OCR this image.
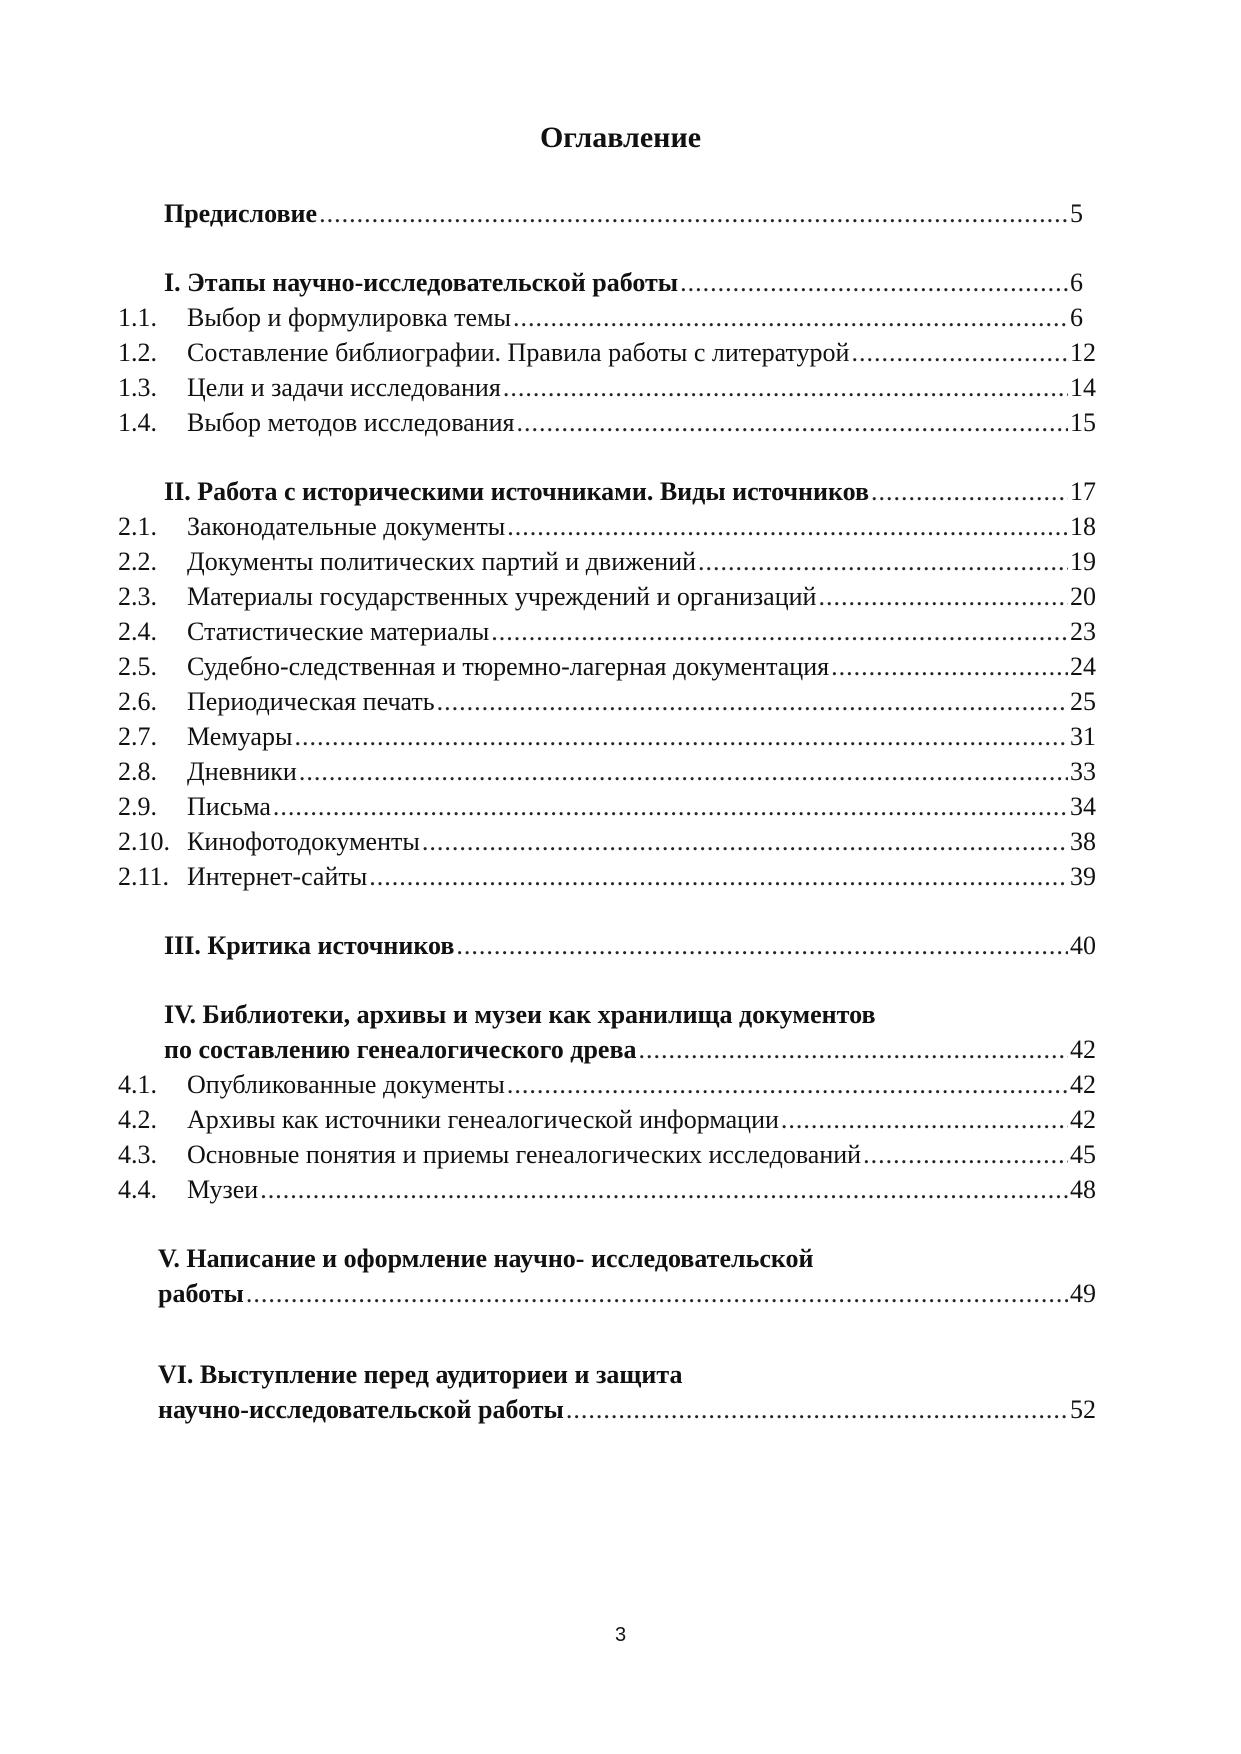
Оглавление
Предисловие .....	5
I. Этапы научно-исследовательской работы .....	6
1.1. Выбор и формулировка темы .....	6
1.2. Составление библиографии. Правила работы с литературой .....	12
1.3. Цели и задачи исследования .....	14
1.4. Выбор методов исследования .....	15
II. Работа с историческими источниками. Виды источников .....	17
2.1. Законодательные документы .....	18
2.2. Документы политических партий и движений .....	19
2.3. Материалы государственных учреждений и организаций .....	20
2.4. Статистические материалы .....	23
2.5. Судебно-следственная и тюремно-лагерная документация .....	24
2.6. Периодическая печать .....	25
2.7. Мемуары .....	31
2.8. Дневники .....	33
2.9. Письма .....	34
2.10. Кинофотодокументы .....	38
2.11. Интернет-сайты .....	39
III. Критика источников .....	40
IV. Библиотеки, архивы и музеи как хранилища документов
по составлению генеалогического древа .....	42
4.1. Опубликованные документы .....	42
4.2. Архивы как источники генеалогической информации .....	42
4.3. Основные понятия и приемы генеалогических исследований .....	45
4.4. Музеи .....	48
V. Написание и оформление научно- исследовательской
работы .....	49
VI. Выступление перед аудиториeи и защита
научно-исследовательской работы .....	52
3
